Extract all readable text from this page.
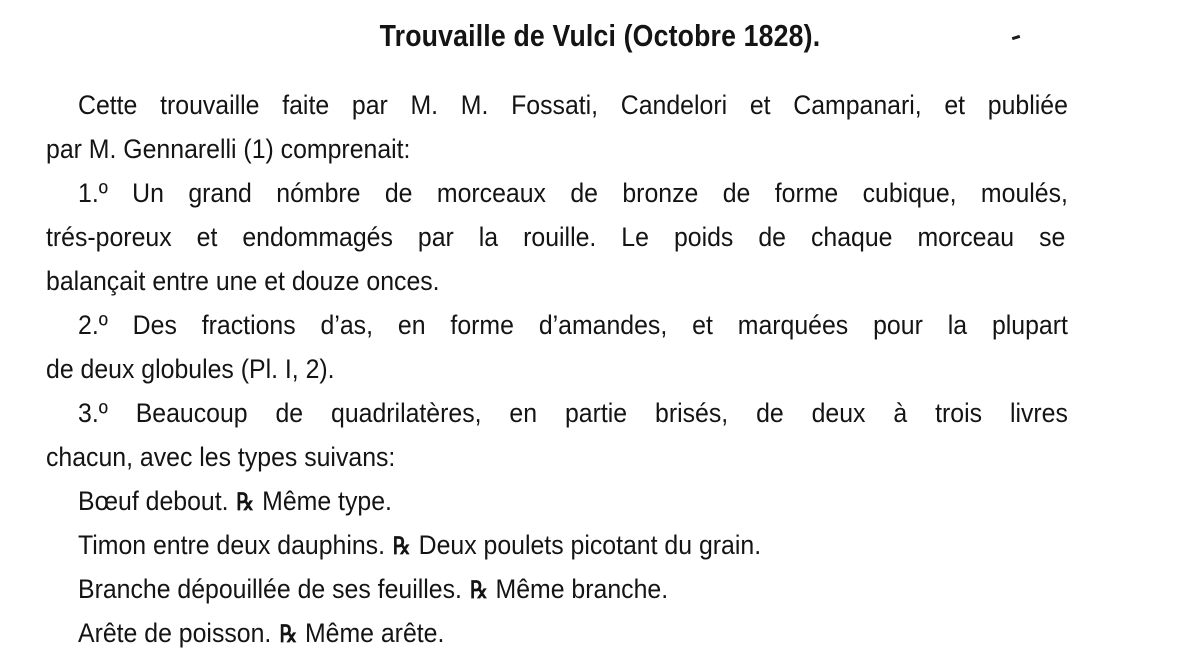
Trouvaille de Vulci (Octobre 1828).
Cette trouvaille faite par M. M. Fossati, Candelori et Campanari, et publiée
par M. Gennarelli (1) comprenait:
1.º Un grand nómbre de morceaux de bronze de forme cubique, moulés,
trés-poreux et endommagés par la rouille. Le poids de chaque morceau se
balançait entre une et douze onces.
2.º Des fractions d’as, en forme d’amandes, et marquées pour la plupart
de deux globules (Pl. I, 2).
3.º Beaucoup de quadrilatères, en partie brisés, de deux à trois livres
chacun, avec les types suivans:
Bœuf debout. ℞ Même type.
Timon entre deux dauphins. ℞ Deux poulets picotant du grain.
Branche dépouillée de ses feuilles. ℞ Même branche.
Arête de poisson. ℞ Même arête.
